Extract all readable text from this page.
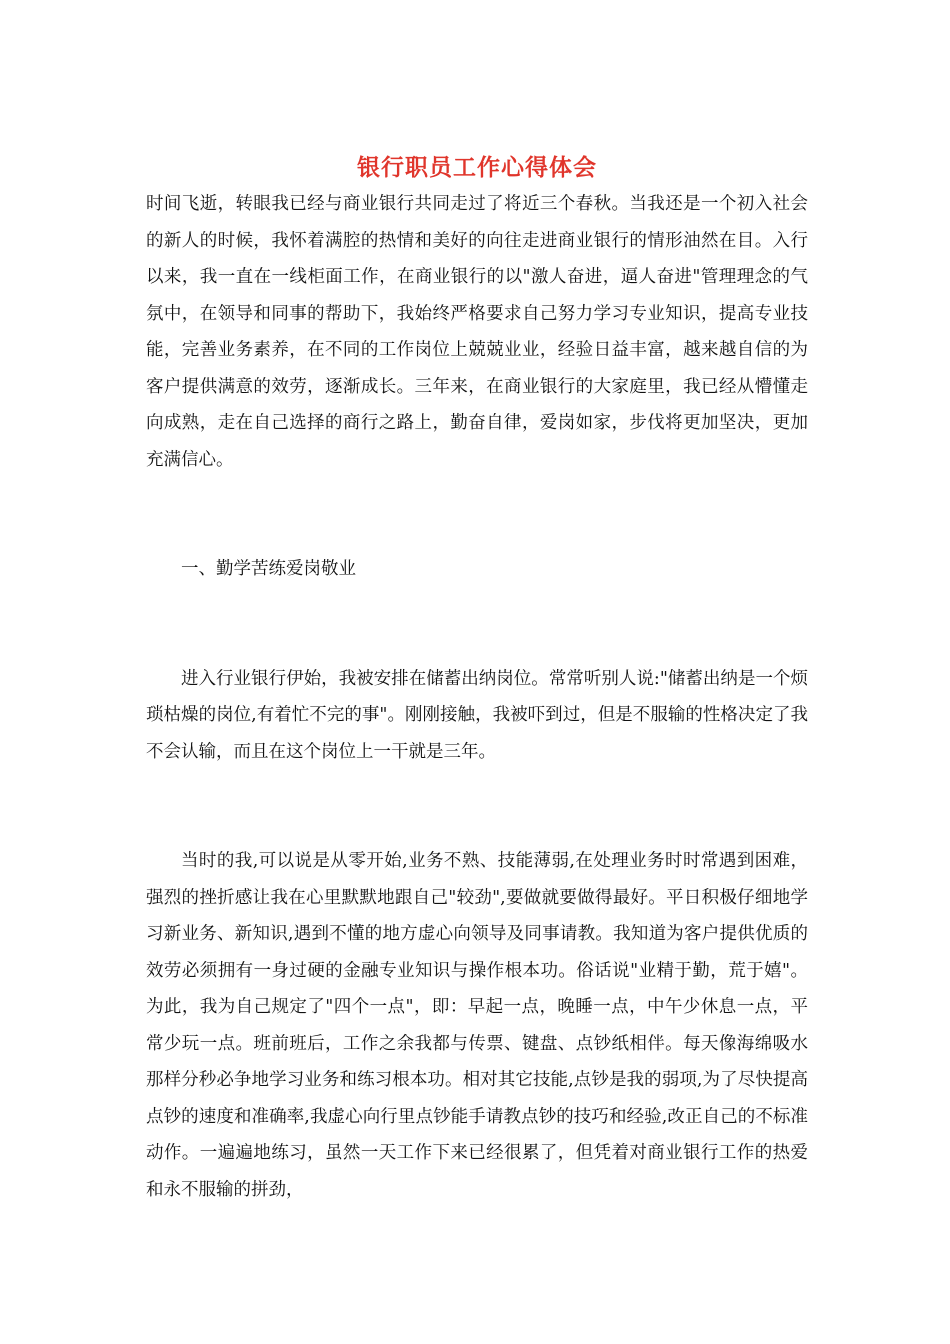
银行职员工作心得体会

时间飞逝，转眼我已经与商业银行共同走过了将近三个春秋。当我还是一个初入社会的新人的时候，我怀着满腔的热情和美好的向往走进商业银行的情形油然在目。入行以来，我一直在一线柜面工作，在商业银行的以"激人奋进，逼人奋进"管理理念的气氛中，在领导和同事的帮助下，我始终严格要求自己努力学习专业知识，提高专业技能，完善业务素养，在不同的工作岗位上兢兢业业，经验日益丰富，越来越自信的为客户提供满意的效劳，逐渐成长。三年来，在商业银行的大家庭里，我已经从懵懂走向成熟，走在自己选择的商行之路上，勤奋自律，爱岗如家，步伐将更加坚决，更加充满信心。

一、勤学苦练爱岗敬业

进入行业银行伊始，我被安排在储蓄出纳岗位。常常听别人说:"储蓄出纳是一个烦琐枯燥的岗位,有着忙不完的事"。刚刚接触，我被吓到过，但是不服输的性格决定了我不会认输，而且在这个岗位上一干就是三年。

当时的我,可以说是从零开始,业务不熟、技能薄弱,在处理业务时时常遇到困难，强烈的挫折感让我在心里默默地跟自己"较劲",要做就要做得最好。平日积极仔细地学习新业务、新知识,遇到不懂的地方虚心向领导及同事请教。我知道为客户提供优质的效劳必须拥有一身过硬的金融专业知识与操作根本功。俗话说"业精于勤，荒于嬉"。为此，我为自己规定了"四个一点"，即：早起一点，晚睡一点，中午少休息一点，平常少玩一点。班前班后，工作之余我都与传票、键盘、点钞纸相伴。每天像海绵吸水那样分秒必争地学习业务和练习根本功。相对其它技能,点钞是我的弱项,为了尽快提高点钞的速度和准确率,我虚心向行里点钞能手请教点钞的技巧和经验,改正自己的不标准动作。一遍遍地练习，虽然一天工作下来已经很累了，但凭着对商业银行工作的热爱和永不服输的拼劲，
